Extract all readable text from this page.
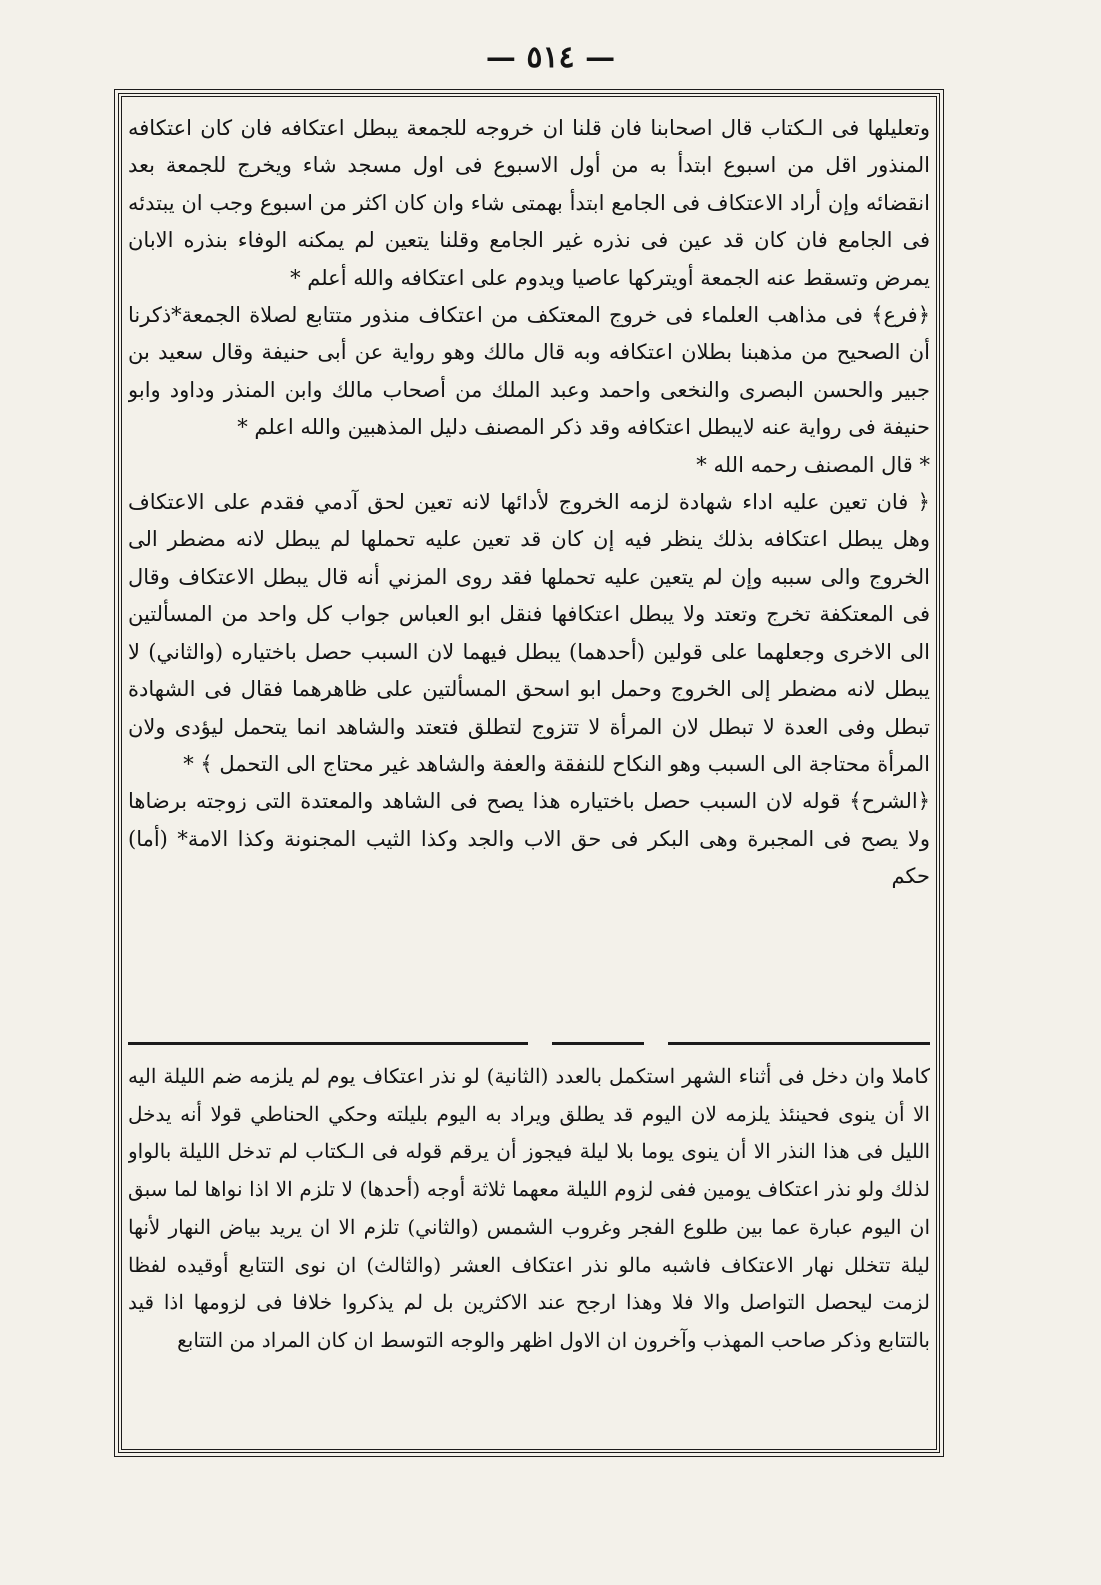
— ٥١٤ —

وتعليلها فى الـكتاب قال اصحابنا فان قلنا ان خروجه للجمعة يبطل اعتكافه فان كان اعتكافه المنذور اقل من اسبوع ابتدأ به من أول الاسبوع فى اول مسجد شاء ويخرج للجمعة بعد انقضائه وإن أراد الاعتكاف فى الجامع ابتدأ بهمتى شاء وان كان اكثر من اسبوع وجب ان يبتدئه فى الجامع فان كان قد عين فى نذره غير الجامع وقلنا يتعين لم يمكنه الوفاء بنذره الابان يمرض وتسقط عنه الجمعة أويتركها عاصيا ويدوم على اعتكافه والله أعلم *

﴿فرع﴾ فى مذاهب العلماء فى خروج المعتكف من اعتكاف منذور متتابع لصلاة الجمعة*ذكرنا أن الصحيح من مذهبنا بطلان اعتكافه وبه قال مالك وهو رواية عن أبى حنيفة وقال سعيد بن جبير والحسن البصرى والنخعى واحمد وعبد الملك من أصحاب مالك وابن المنذر وداود وابو حنيفة فى رواية عنه لايبطل اعتكافه وقد ذكر المصنف دليل المذهبين والله اعلم *

* قال المصنف رحمه الله *

﴿ فان تعين عليه اداء شهادة لزمه الخروج لأدائها لانه تعين لحق آدمي فقدم على الاعتكاف وهل يبطل اعتكافه بذلك ينظر فيه إن كان قد تعين عليه تحملها لم يبطل لانه مضطر الى الخروج والى سببه وإن لم يتعين عليه تحملها فقد روى المزني أنه قال يبطل الاعتكاف وقال فى المعتكفة تخرج وتعتد ولا يبطل اعتكافها فنقل ابو العباس جواب كل واحد من المسألتين الى الاخرى وجعلهما على قولين (أحدهما) يبطل فيهما لان السبب حصل باختياره (والثاني) لا يبطل لانه مضطر إلى الخروج وحمل ابو اسحق المسألتين على ظاهرهما فقال فى الشهادة تبطل وفى العدة لا تبطل لان المرأة لا تتزوج لتطلق فتعتد والشاهد انما يتحمل ليؤدى ولان المرأة محتاجة الى السبب وهو النكاح للنفقة والعفة والشاهد غير محتاج الى التحمل ﴾ *

﴿الشرح﴾ قوله لان السبب حصل باختياره هذا يصح فى الشاهد والمعتدة التى زوجته برضاها ولا يصح فى المجبرة وهى البكر فى حق الاب والجد وكذا الثيب المجنونة وكذا الامة* (أما) حكم

كاملا وان دخل فى أثناء الشهر استكمل بالعدد (الثانية) لو نذر اعتكاف يوم لم يلزمه ضم الليلة اليه الا أن ينوى فحينئذ يلزمه لان اليوم قد يطلق ويراد به اليوم بليلته وحكي الحناطي قولا أنه يدخل الليل فى هذا النذر الا أن ينوى يوما بلا ليلة فيجوز أن يرقم قوله فى الـكتاب لم تدخل الليلة بالواو لذلك ولو نذر اعتكاف يومين ففى لزوم الليلة معهما ثلاثة أوجه (أحدها) لا تلزم الا اذا نواها لما سبق ان اليوم عبارة عما بين طلوع الفجر وغروب الشمس (والثاني) تلزم الا ان يريد بياض النهار لأنها ليلة تتخلل نهار الاعتكاف فاشبه مالو نذر اعتكاف العشر (والثالث) ان نوى التتابع أوقيده لفظا لزمت ليحصل التواصل والا فلا وهذا ارجح عند الاكثرين بل لم يذكروا خلافا فى لزومها اذا قيد بالتتابع وذكر صاحب المهذب وآخرون ان الاول اظهر والوجه التوسط ان كان المراد من التتابع
